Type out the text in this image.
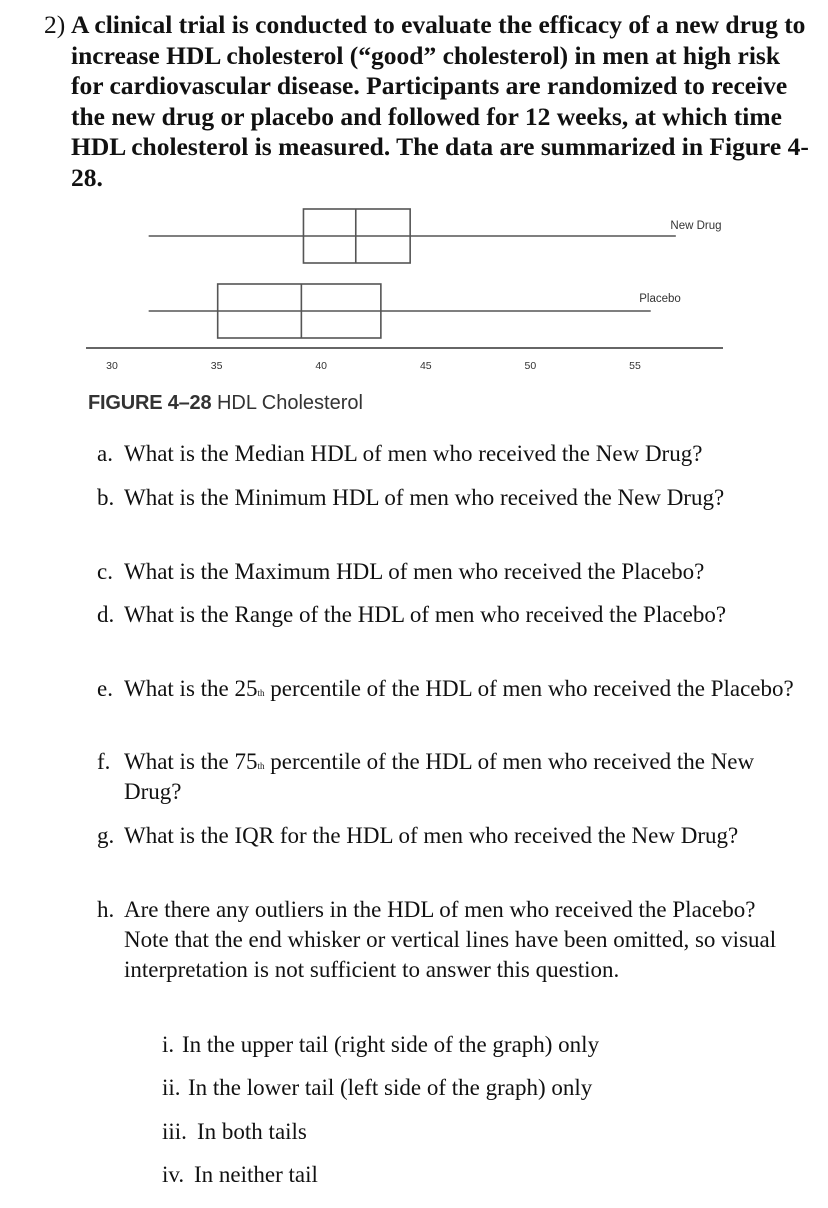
2) A clinical trial is conducted to evaluate the efficacy of a new drug to increase HDL cholesterol (“good” cholesterol) in men at high risk for cardiovascular disease. Participants are randomized to receive the new drug or placebo and followed for 12 weeks, at which time HDL cholesterol is measured. The data are summarized in Figure 4-28.
New Drug
Placebo
30	35	40	45	50	55
FIGURE 4–28 HDL Cholesterol
a. What is the Median HDL of men who received the New Drug?
b. What is the Minimum HDL of men who received the New Drug?
c. What is the Maximum HDL of men who received the Placebo?
d. What is the Range of the HDL of men who received the Placebo?
e. What is the 25th percentile of the HDL of men who received the Placebo?
f. What is the 75th percentile of the HDL of men who received the New Drug?
g. What is the IQR for the HDL of men who received the New Drug?
h. Are there any outliers in the HDL of men who received the Placebo? Note that the end whisker or vertical lines have been omitted, so visual interpretation is not sufficient to answer this question.
i. In the upper tail (right side of the graph) only
ii. In the lower tail (left side of the graph) only
iii. In both tails
iv. In neither tail
